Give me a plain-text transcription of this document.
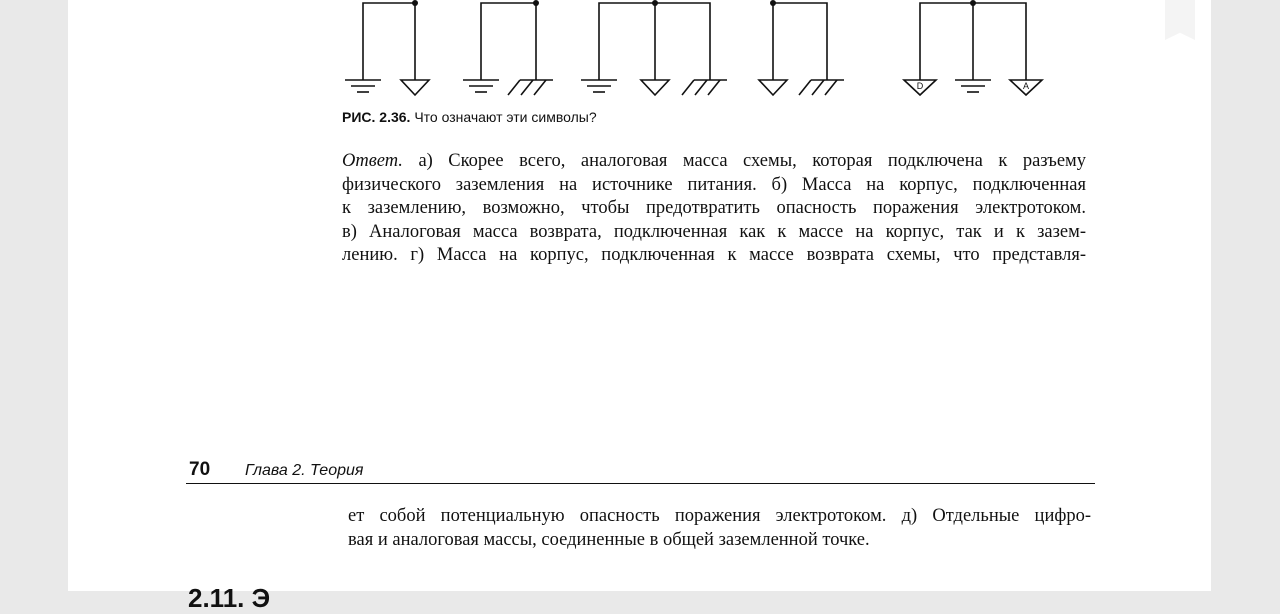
D	A
РИС. 2.36. Что означают эти символы?
Ответ. а) Скорее всего, аналоговая масса схемы, которая подключена к разъему
физического заземления на источнике питания. б) Масса на корпус, подключенная
к заземлению, возможно, чтобы предотвратить опасность поражения электротоком.
в) Аналоговая масса возврата, подключенная как к массе на корпус, так и к зазем-
лению. г) Масса на корпус, подключенная к массе возврата схемы, что представля-
70 Глава 2. Теория
ет собой потенциальную опасность поражения электротоком. д) Отдельные цифро-
вая и аналоговая массы, соединенные в общей заземленной точке.
2.11. Э
